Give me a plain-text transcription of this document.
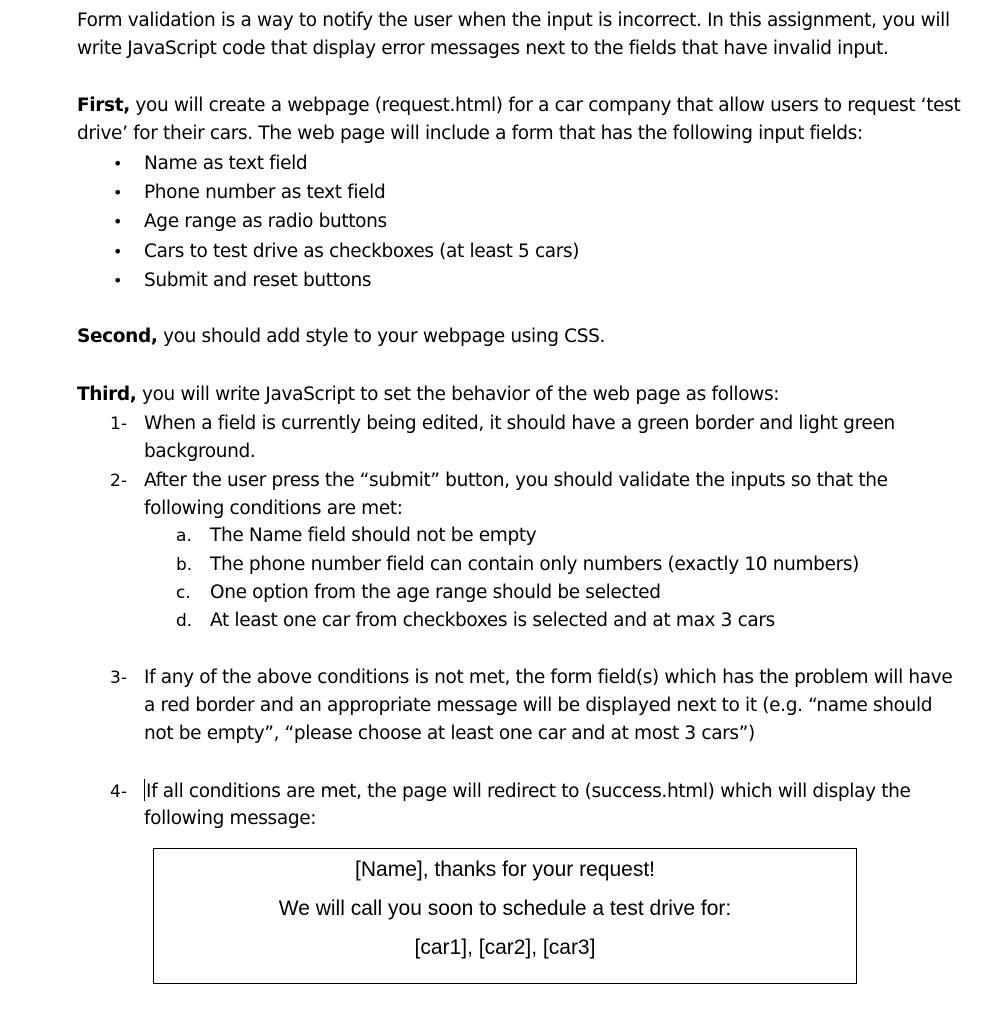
Form validation is a way to notify the user when the input is incorrect. In this assignment, you will
write JavaScript code that display error messages next to the fields that have invalid input.
First, you will create a webpage (request.html) for a car company that allow users to request ‘test
drive’ for their cars. The web page will include a form that has the following input fields:
• Name as text field
• Phone number as text field
• Age range as radio buttons
• Cars to test drive as checkboxes (at least 5 cars)
• Submit and reset buttons
Second, you should add style to your webpage using CSS.
Third, you will write JavaScript to set the behavior of the web page as follows:
1- When a field is currently being edited, it should have a green border and light green
background.
2- After the user press the “submit” button, you should validate the inputs so that the
following conditions are met:
a. The Name field should not be empty
b. The phone number field can contain only numbers (exactly 10 numbers)
c. One option from the age range should be selected
d. At least one car from checkboxes is selected and at max 3 cars
3- If any of the above conditions is not met, the form field(s) which has the problem will have
a red border and an appropriate message will be displayed next to it (e.g. “name should
not be empty”, “please choose at least one car and at most 3 cars”)
4- If all conditions are met, the page will redirect to (success.html) which will display the
following message:
[Name], thanks for your request!
We will call you soon to schedule a test drive for:
[car1], [car2], [car3]
